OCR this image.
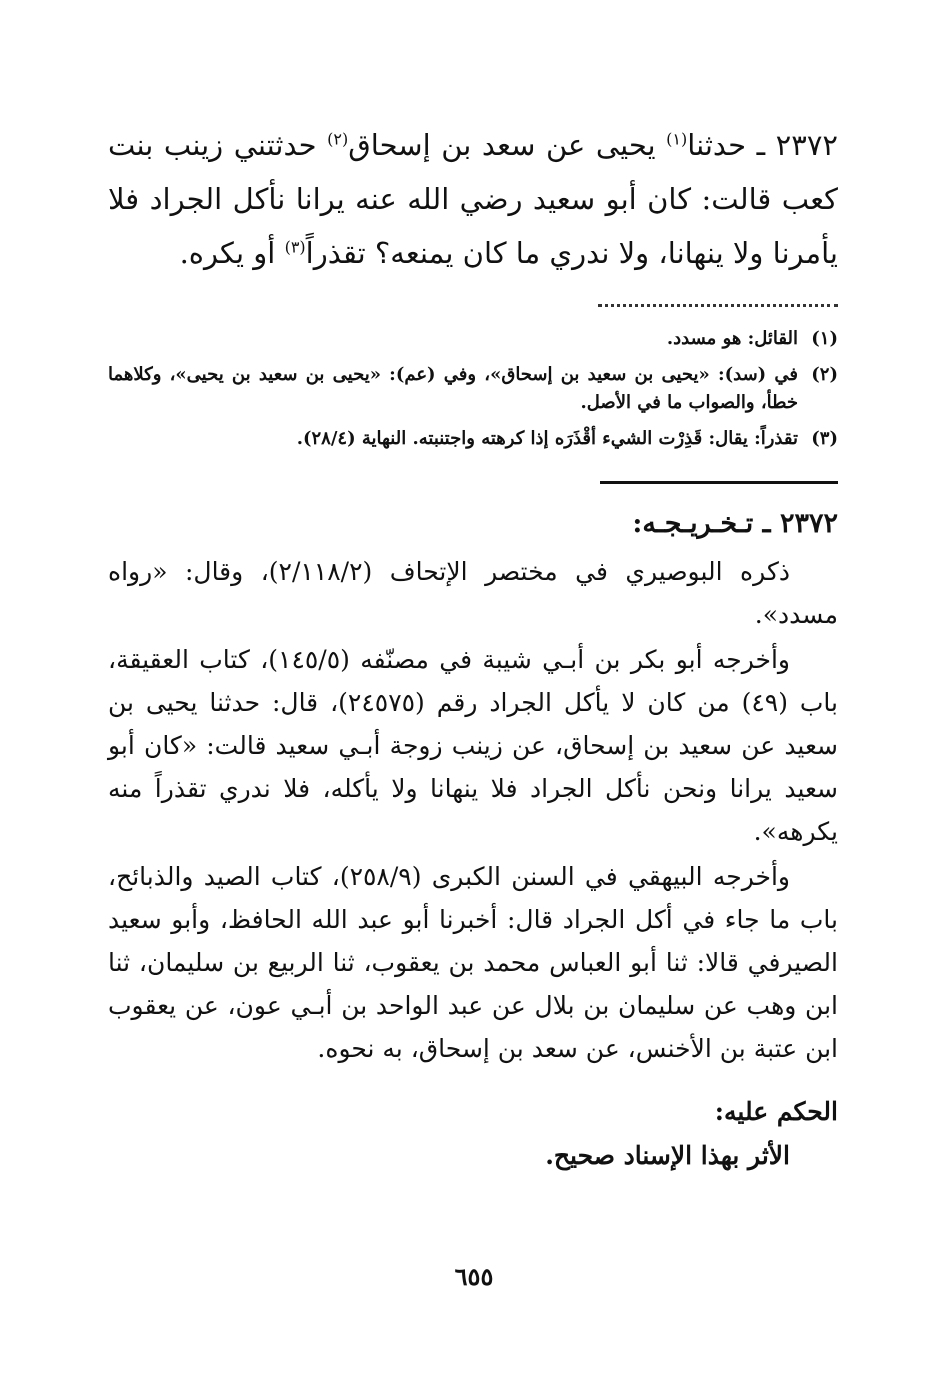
٢٣٧٢ ـ حدثنا$^{(١)}$ يحيى عن سعد بن إسحاق$^{(٢)}$ حدثتني زينب بنت كعب قالت: كان أبو سعيد رضي الله عنه يرانا نأكل الجراد فلا يأمرنا ولا ينهانا، ولا ندري ما كان يمنعه؟ تقذراً$^{(٣)}$ أو يكره.

(١)
القائل: هو مسدد.
(٢)
في (سد): «يحيى بن سعيد بن إسحاق»، وفي (عم): «يحيى بن سعيد بن يحيى»، وكلاهما خطأ، والصواب ما في الأصل.
(٣)
تقذراً: يقال: قَذِرْت الشيء أقْذَرَه إذا كرهته واجتنبته. النهاية (٢٨/٤).
٢٣٧٢ ـ تـخـريـجـه:

ذكره البوصيري في مختصر الإتحاف (٢/١١٨/٢)، وقال: «رواه مسدد».

وأخرجه أبو بكر بن أبـي شيبة في مصنّفه (١٤٥/٥)، كتاب العقيقة، باب (٤٩) من كان لا يأكل الجراد رقم (٢٤٥٧٥)، قال: حدثنا يحيى بن سعيد عن سعيد بن إسحاق، عن زينب زوجة أبـي سعيد قالت: «كان أبو سعيد يرانا ونحن نأكل الجراد فلا ينهانا ولا يأكله، فلا ندري تقذراً منه يكرهه».

وأخرجه البيهقي في السنن الكبرى (٢٥٨/٩)، كتاب الصيد والذبائح، باب ما جاء في أكل الجراد قال: أخبرنا أبو عبد الله الحافظ، وأبو سعيد الصيرفي قالا: ثنا أبو العباس محمد بن يعقوب، ثنا الربيع بن سليمان، ثنا ابن وهب عن سليمان بن بلال عن عبد الواحد بن أبـي عون، عن يعقوب ابن عتبة بن الأخنس، عن سعد بن إسحاق، به نحوه.

الحكم عليه:

الأثر بهذا الإسناد صحيح.

٦٥٥
